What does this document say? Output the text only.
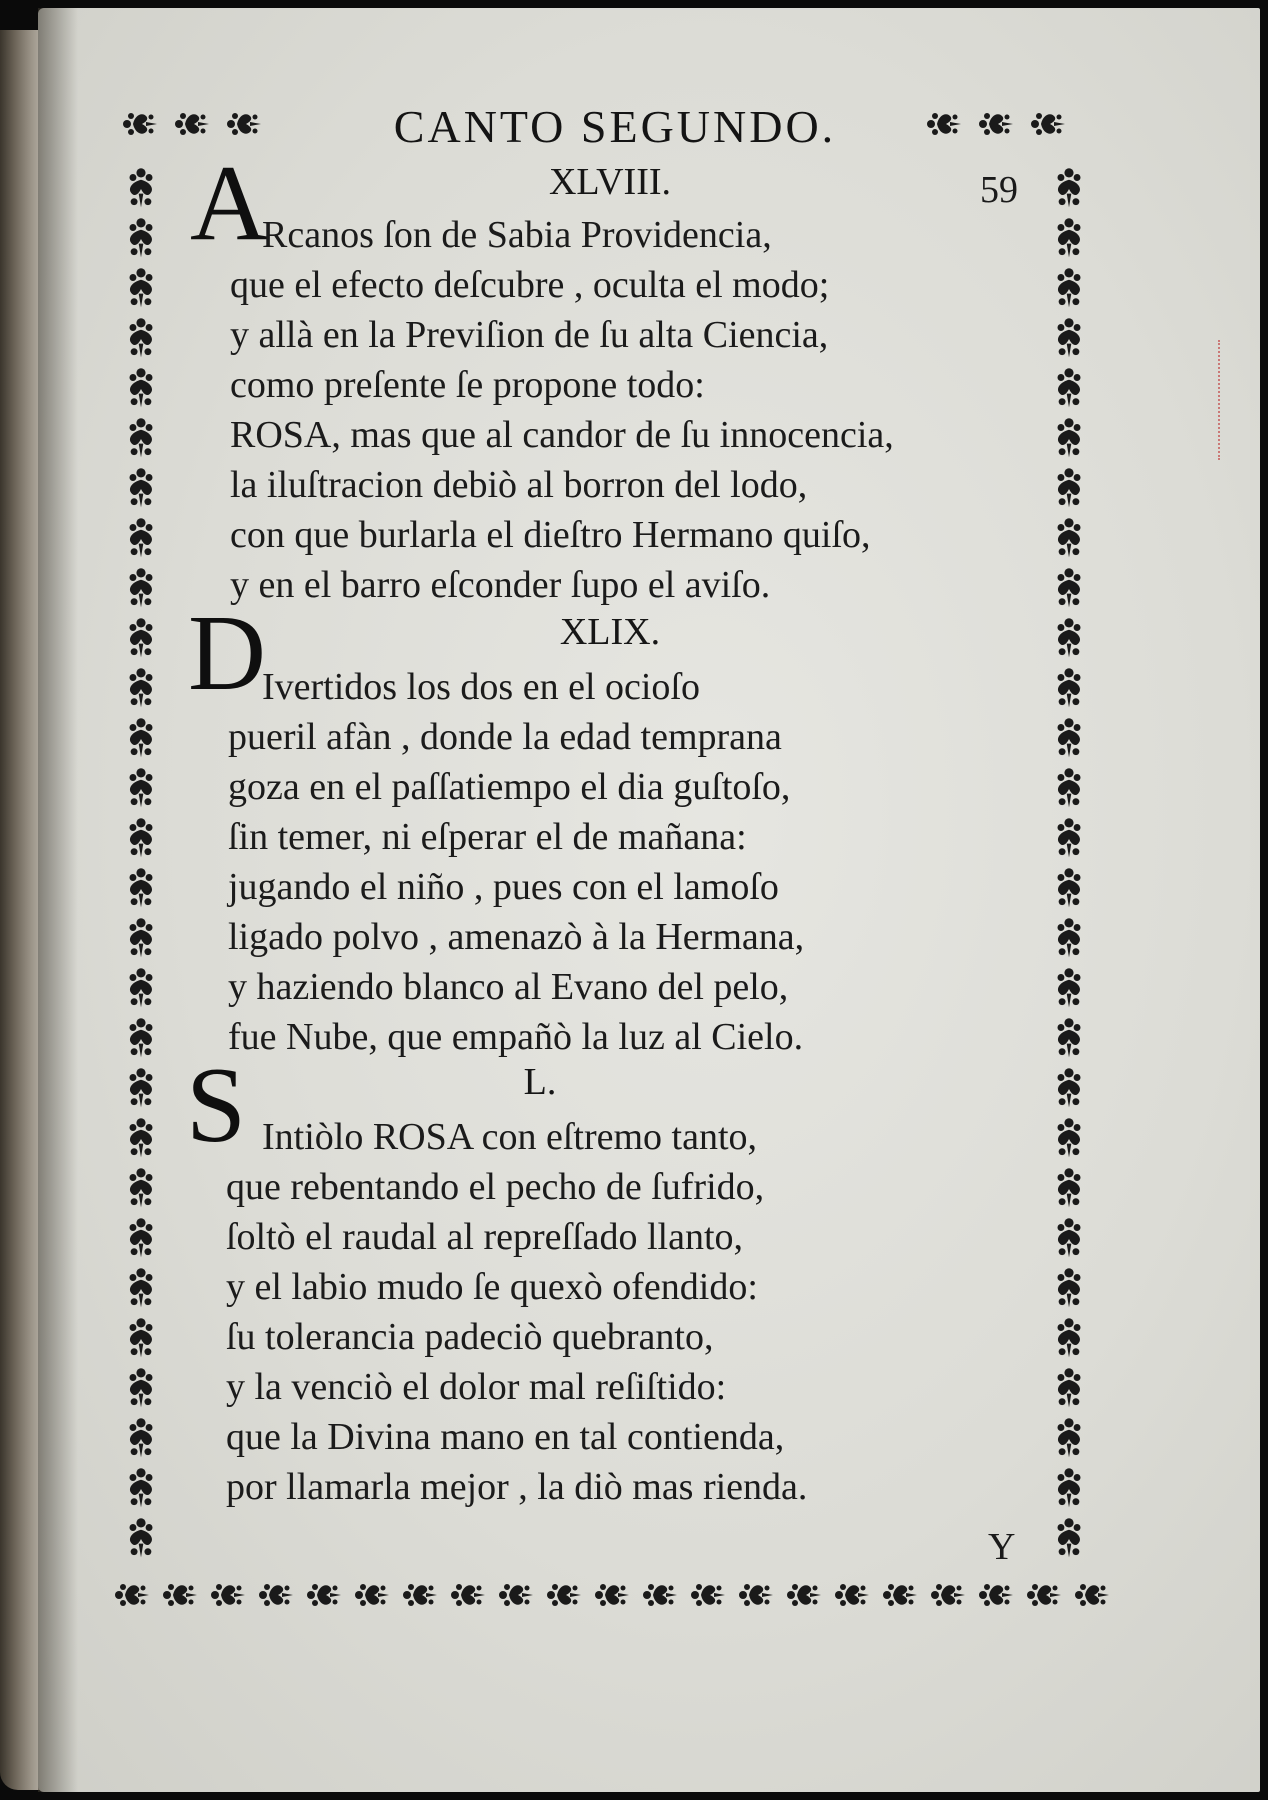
CANTO SEGUNDO.
59
XLVIII.
A
Rcanos ſon de Sabia Providencia,
que el efecto deſcubre , oculta el modo;
y allà en la Previſion de ſu alta Ciencia,
como preſente ſe propone todo:
ROSA, mas que al candor de ſu innocencia,
la iluſtracion debiò al borron del lodo,
con que burlarla el dieſtro Hermano quiſo,
y en el barro eſconder ſupo el aviſo.
XLIX.
D
Ivertidos los dos en el ocioſo
pueril afàn , donde la edad temprana
goza en el paſſatiempo el dia guſtoſo,
ſin temer, ni eſperar el de mañana:
jugando el niño , pues con el lamoſo
ligado polvo , amenazò à la Hermana,
y haziendo blanco al Evano del pelo,
fue Nube, que empañò la luz al Cielo.
L.
S Intiòlo ROSA con eſtremo tanto,
que rebentando el pecho de ſufrido,
ſoltò el raudal al repreſſado llanto,
y el labio mudo ſe quexò ofendido:
ſu tolerancia padeciò quebranto,
y la venciò el dolor mal reſiſtido:
que la Divina mano en tal contienda,
por llamarla mejor , la diò mas rienda.
Y
